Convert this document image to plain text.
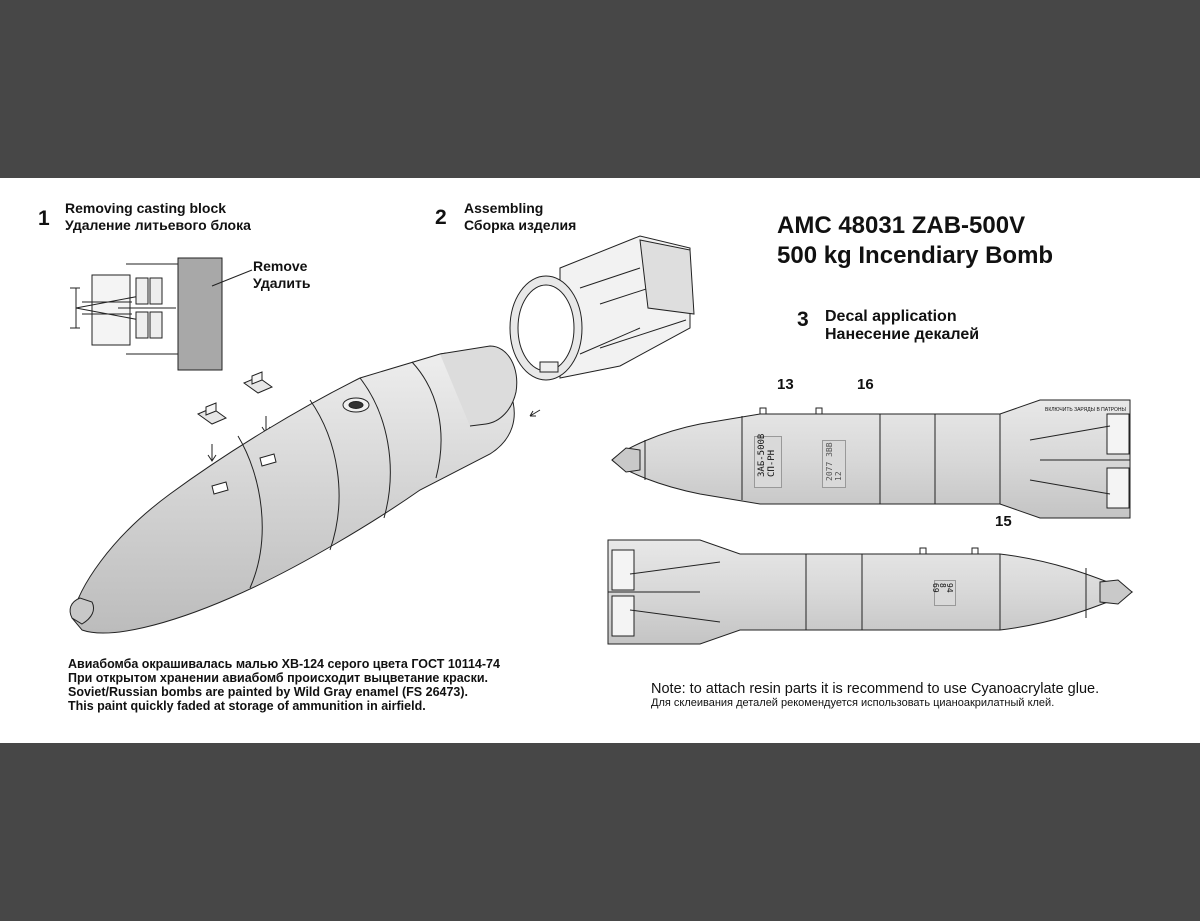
1 Removing casting block
Удаление литьевого блока	2 Assembling
Сборка изделия	AMC 48031 ZAB-500V
500 kg Incendiary Bomb
3 Decal application
Нанесение декалей
Remove
Удалить
13	16
15
Авиабомба окрашивалась малью ХВ-124 серого цвета ГОСТ 10114-74
При открытом хранении авиабомб происходит выцветание краски.
Soviet/Russian bombs are painted by Wild Gray enamel (FS 26473).
This paint quickly faded at storage of ammunition in airfield.
Note: to attach resin parts it is recommend to use Cyanoacrylate glue.
Для склеивания деталей рекомендуется использовать цианоакрилатный клей.
ЗАБ-500В СП-РН	2077 ЗВВ 12
94
8
69
ВКЛЮЧИТЬ ЗАРЯДЫ В ПАТРОНЫ
